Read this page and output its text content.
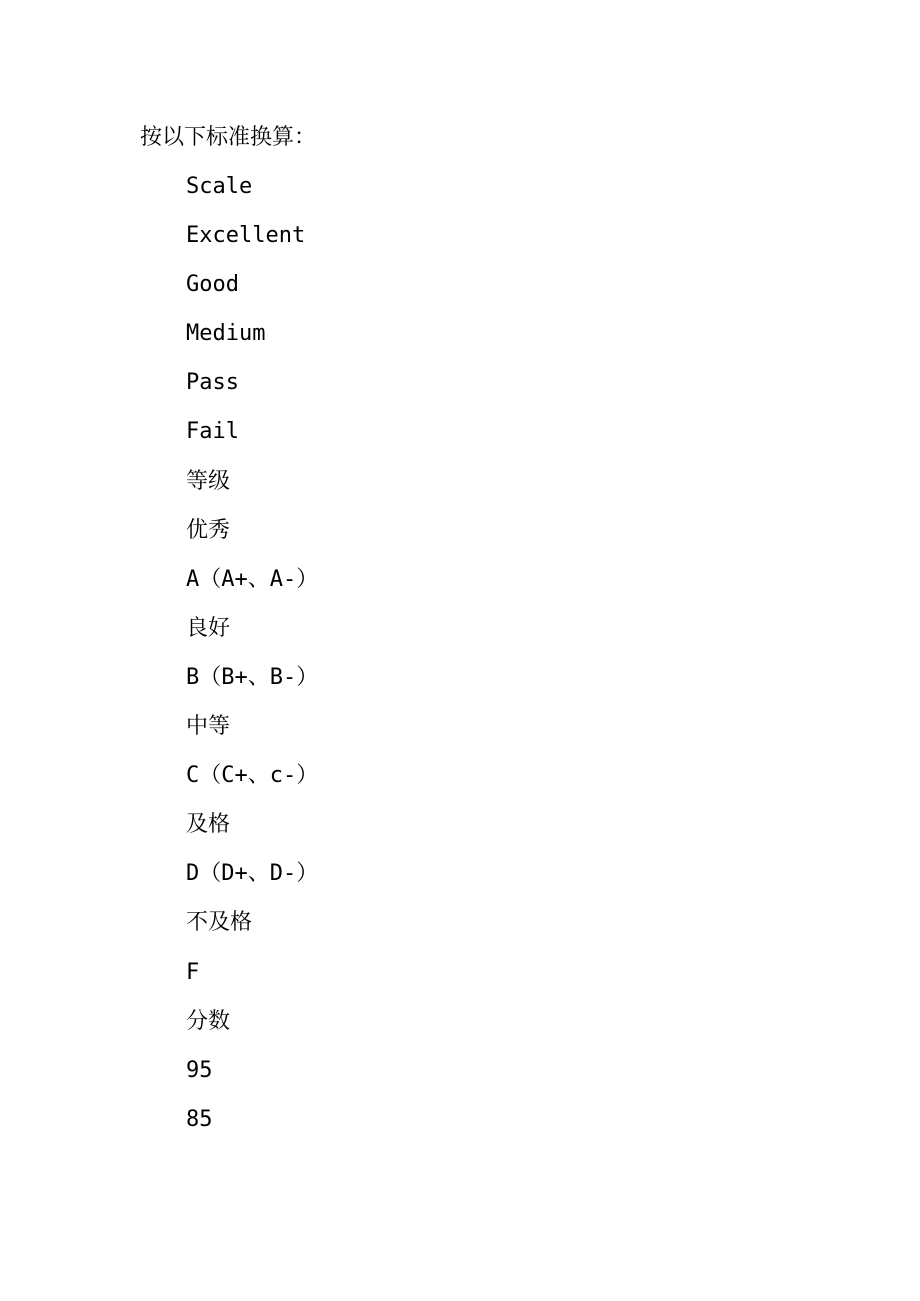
按以下标准换算：
Scale
Excellent
Good
Medium
Pass
Fail
等级
优秀
A（A+、A-）
良好
B（B+、B-）
中等
C（C+、c-）
及格
D（D+、D-）
不及格
F
分数
95
85
